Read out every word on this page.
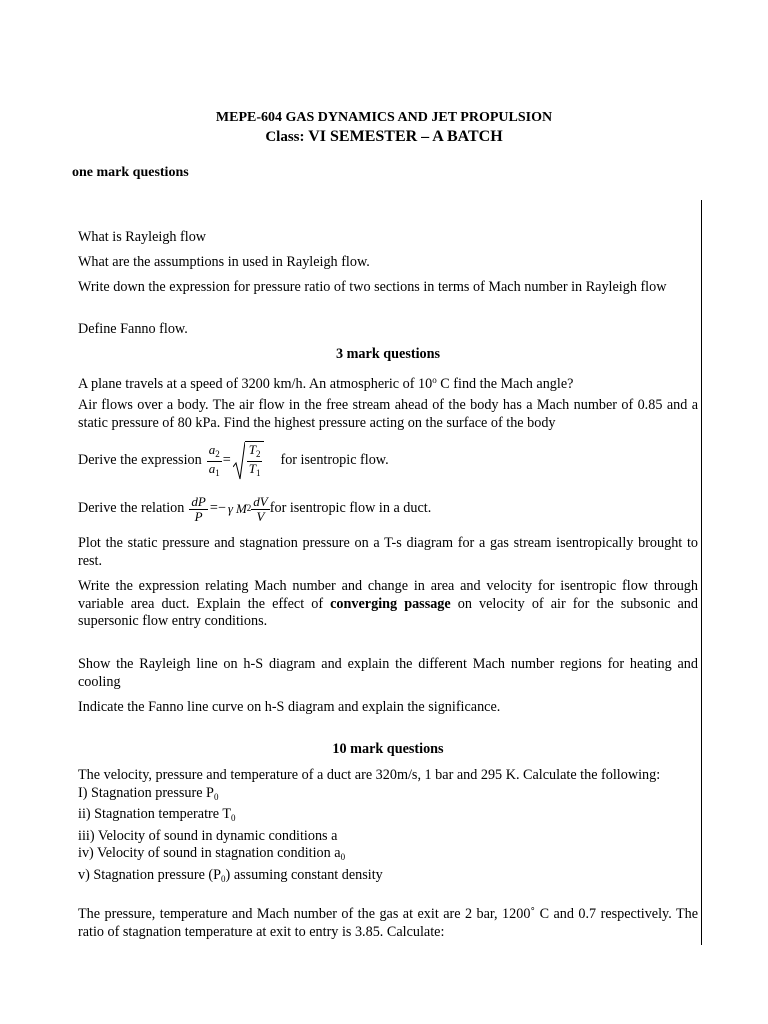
MEPE-604 GAS DYNAMICS AND JET PROPULSION
Class: VI SEMESTER – A BATCH
one mark questions
What is Rayleigh flow
What are the assumptions in used in Rayleigh flow.
Write down the expression for pressure ratio of two sections in terms of Mach number in Rayleigh flow
Define Fanno flow.
3 mark questions
A plane travels at a speed of 3200 km/h. An atmospheric of 10$^o$ C find the Mach angle?
Air flows over a body. The air flow in the free stream ahead of the body has a Mach number of 0.85 and a static pressure of 80 kPa. Find the highest pressure acting on the surface of the body
Derive the expression $\frac{a_2}{a_1} = \frac{T_2}{T_1}$ for isentropic flow.
Derive the relation $\frac{dP}{P} =- \gamma$ M $2 \frac{dV}{V}$ for isentropic flow in a duct.
Plot the static pressure and stagnation pressure on a T-s diagram for a gas stream isentropically brought to rest.
Write the expression relating Mach number and change in area and velocity for isentropic flow through variable area duct. Explain the effect of converging passage on velocity of air for the subsonic and supersonic flow entry conditions.
Show the Rayleigh line on h-S diagram and explain the different Mach number regions for heating and cooling
Indicate the Fanno line curve on h-S diagram and explain the significance.
10 mark questions
The velocity, pressure and temperature of a duct are 320m/s, 1 bar and 295 K. Calculate the following:
I) Stagnation pressure $P_0$
ii) Stagnation temperatre $T_0$
iii) Velocity of sound in dynamic conditions a
iv) Velocity of sound in stagnation condition $a_0$
v) Stagnation pressure $(P_0)$ assuming constant density
The pressure, temperature and Mach number of the gas at exit are 2 bar, 1200˚ C and 0.7 respectively. The ratio of stagnation temperature at exit to entry is 3.85. Calculate:
